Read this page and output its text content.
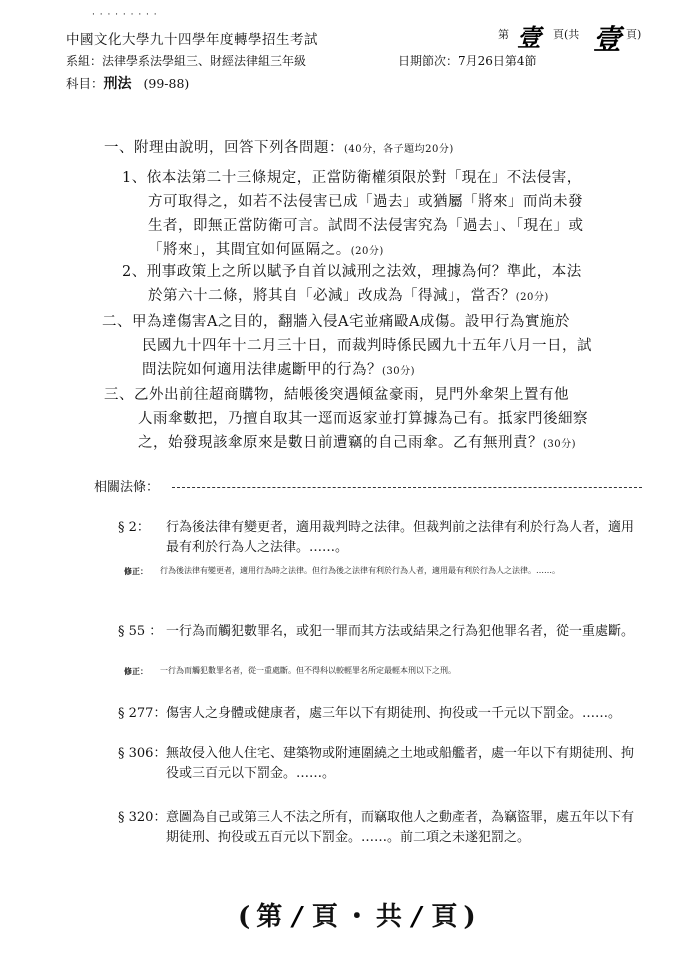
· · · · · · · · ·
中國文化大學九十四學年度轉學招生考試	第 壹 頁(共 壹 頁)
系組：法律學系法學組三、財經法律組三年級	日期節次：7月26日第4節
科目：刑法 (99-88)
一、附理由說明，回答下列各問題：(40分，各子題均20分)
1、依本法第二十三條規定，正當防衛權須限於對「現在」不法侵害，
方可取得之，如若不法侵害已成「過去」或猶屬「將來」而尚未發
生者，即無正當防衛可言。試問不法侵害究為「過去」、「現在」或
「將來」，其間宜如何區隔之。(20分)
2、刑事政策上之所以賦予自首以減刑之法效，理據為何？準此，本法
於第六十二條，將其自「必減」改成為「得減」，當否？(20分)
二、甲為達傷害A之目的，翻牆入侵A宅並痛毆A成傷。設甲行為實施於
民國九十四年十二月三十日，而裁判時係民國九十五年八月一日，試
問法院如何適用法律處斷甲的行為？(30分)
三、乙外出前往超商購物，結帳後突遇傾盆豪雨，見門外傘架上置有他
人雨傘數把，乃擅自取其一逕而返家並打算據為己有。抵家門後細察
之，始發現該傘原來是數日前遭竊的自己雨傘。乙有無刑責？(30分)
相關法條：
§ 2： 行為後法律有變更者，適用裁判時之法律。但裁判前之法律有利於行為人者，適用最有利於行為人之法律。……。
修正： 行為後法律有變更者，適用行為時之法律。但行為後之法律有利於行為人者，適用最有利於行為人之法律。……。
§ 55 ： 一行為而觸犯數罪名，或犯一罪而其方法或結果之行為犯他罪名者，從一重處斷。
修正： 一行為而觸犯數罪名者，從一重處斷。但不得科以較輕罪名所定最輕本刑以下之刑。
§ 277： 傷害人之身體或健康者，處三年以下有期徒刑、拘役或一千元以下罰金。……。
§ 306： 無故侵入他人住宅、建築物或附連圍繞之土地或船艦者，處一年以下有期徒刑、拘役或三百元以下罰金。……。
§ 320： 意圖為自己或第三人不法之所有，而竊取他人之動產者，為竊盜罪，處五年以下有期徒刑、拘役或五百元以下罰金。……。前二項之未遂犯罰之。
(第 / 頁・共 / 頁)
